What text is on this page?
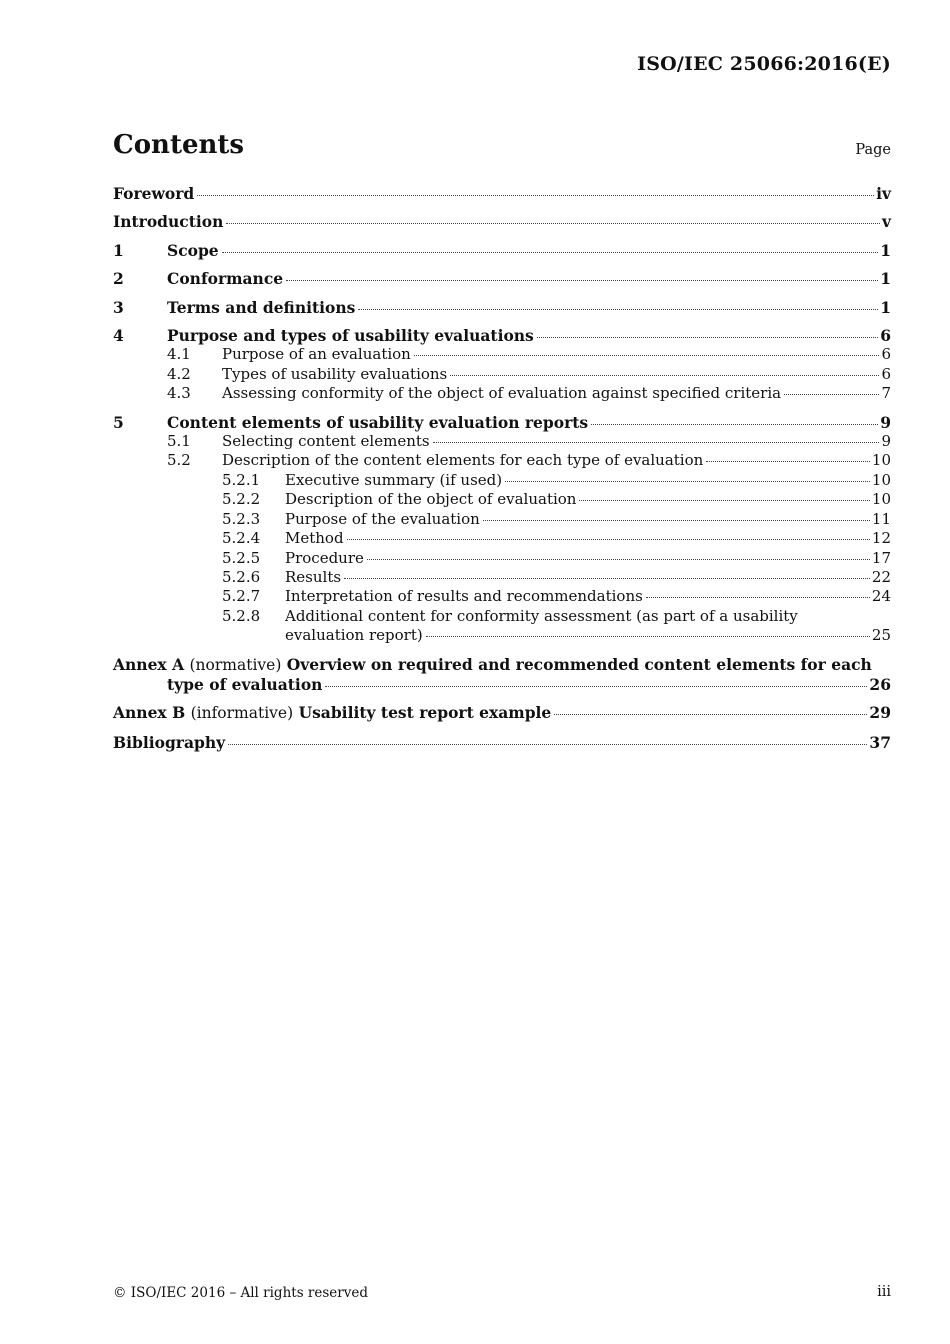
ISO/IEC 25066:2016(E)
Contents	Page
Foreword	iv
Introduction	v
1	Scope	1
2	Conformance	1
3	Terms and definitions	1
4	Purpose and types of usability evaluations	6
4.1	Purpose of an evaluation	6
4.2	Types of usability evaluations	6
4.3	Assessing conformity of the object of evaluation against specified criteria	7
5	Content elements of usability evaluation reports	9
5.1	Selecting content elements	9
5.2	Description of the content elements for each type of evaluation	10
5.2.1	Executive summary (if used)	10
5.2.2	Description of the object of evaluation	10
5.2.3	Purpose of the evaluation	11
5.2.4	Method	12
5.2.5	Procedure	17
5.2.6	Results	22
5.2.7	Interpretation of results and recommendations	24
5.2.8	Additional content for conformity assessment (as part of a usability
evaluation report)	25
Annex A (normative) Overview on required and recommended content elements for each
type of evaluation	26
Annex B (informative) Usability test report example	29
Bibliography	37
© ISO/IEC 2016 – All rights reserved	iii
